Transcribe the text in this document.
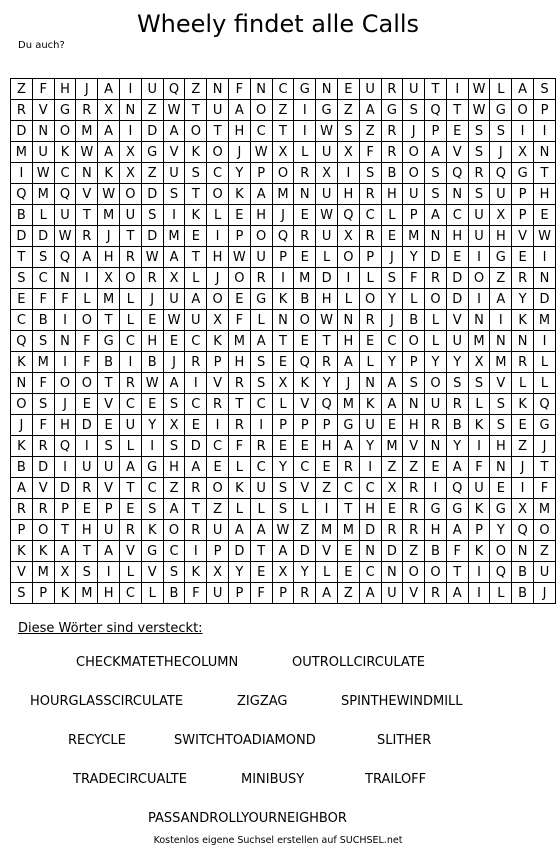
Wheely findet alle Calls
Du auch?
Z	F	H	J	A	I	U	Q	Z	N	F	N	C	G	N	E	U	R	U	T	I	W	L	A	S
R	V	G	R	X	N	Z	W	T	U	A	O	Z	I	G	Z	A	G	S	Q	T	W	G	O	P
D	N	O	M	A	I	D	A	O	T	H	C	T	I	W	S	Z	R	J	P	E	S	S	I	I
M	U	K	W	A	X	G	V	K	O	J	W	X	L	U	X	F	R	O	A	V	S	J	X	N
I	W	C	N	K	X	Z	U	S	C	Y	P	O	R	X	I	S	B	O	S	Q	R	Q	G	T
Q	M	Q	V	W	O	D	S	T	O	K	A	M	N	U	H	R	H	U	S	N	S	U	P	H
B	L	U	T	M	U	S	I	K	L	E	H	J	E	W	Q	C	L	P	A	C	U	X	P	E
D	D	W	R	J	T	D	M	E	I	P	O	Q	R	U	X	R	E	M	N	H	U	H	V	W
T	S	Q	A	H	R	W	A	T	H	W	U	P	E	L	O	P	J	Y	D	E	I	G	E	I
S	C	N	I	X	O	R	X	L	J	O	R	I	M	D	I	L	S	F	R	D	O	Z	R	N
E	F	F	L	M	L	J	U	A	O	E	G	K	B	H	L	O	Y	L	O	D	I	A	Y	D
C	B	I	O	T	L	E	W	U	X	F	L	N	O	W	N	R	J	B	L	V	N	I	K	M
Q	S	N	F	G	C	H	E	C	K	M	A	T	E	T	H	E	C	O	L	U	M	N	N	I
K	M	I	F	B	I	B	J	R	P	H	S	E	Q	R	A	L	Y	P	Y	Y	X	M	R	L
N	F	O	O	T	R	W	A	I	V	R	S	X	K	Y	J	N	A	S	O	S	S	V	L	L
O	S	J	E	V	C	E	S	C	R	T	C	L	V	Q	M	K	A	N	U	R	L	S	K	Q
J	F	H	D	E	U	Y	X	E	I	R	I	P	P	P	G	U	E	H	R	B	K	S	E	G
K	R	Q	I	S	L	I	S	D	C	F	R	E	E	H	A	Y	M	V	N	Y	I	H	Z	J
B	D	I	U	U	A	G	H	A	E	L	C	Y	C	E	R	I	Z	Z	E	A	F	N	J	T
A	V	D	R	V	T	C	Z	R	O	K	U	S	V	Z	C	C	X	R	I	Q	U	E	I	F
R	R	P	E	P	E	S	A	T	Z	L	L	S	L	I	T	H	E	R	G	G	K	G	X	M
P	O	T	H	U	R	K	O	R	U	A	A	W	Z	M	M	D	R	R	H	A	P	Y	Q	O
K	K	A	T	A	V	G	C	I	P	D	T	A	D	V	E	N	D	Z	B	F	K	O	N	Z
V	M	X	S	I	L	V	S	K	X	Y	E	X	Y	L	E	C	N	O	O	T	I	Q	B	U
S	P	K	M	H	C	L	B	F	U	P	F	P	R	A	Z	A	U	V	R	A	I	L	B	J
Diese Wörter sind versteckt:
CHECKMATETHECOLUMN	OUTROLLCIRCULATE
HOURGLASSCIRCULATE	ZIGZAG	SPINTHEWINDMILL
RECYCLE	SWITCHTOADIAMOND	SLITHER
TRADECIRCUALTE	MINIBUSY	TRAILOFF
PASSANDROLLYOURNEIGHBOR
Kostenlos eigene Suchsel erstellen auf SUCHSEL.net
